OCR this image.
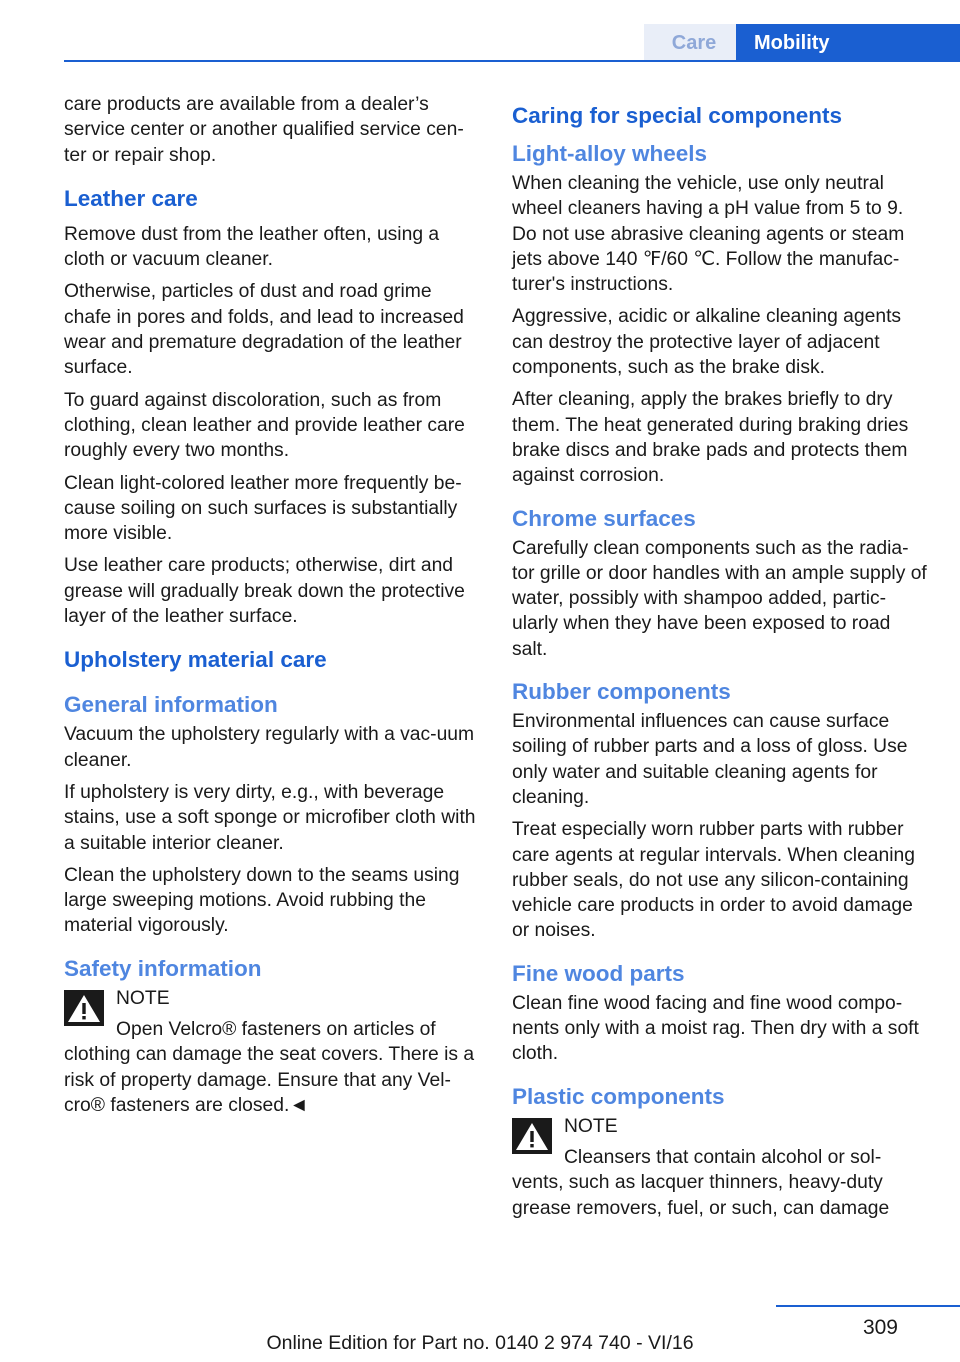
Care	Mobility

care products are available from a dealer’s service center or another qualified service cen-ter or repair shop.

Leather care

Remove dust from the leather often, using a cloth or vacuum cleaner.

Otherwise, particles of dust and road grime chafe in pores and folds, and lead to increased wear and premature degradation of the leather surface.

To guard against discoloration, such as from clothing, clean leather and provide leather care roughly every two months.

Clean light-colored leather more frequently be-cause soiling on such surfaces is substantially more visible.

Use leather care products; otherwise, dirt and grease will gradually break down the protective layer of the leather surface.

Upholstery material care
General information

Vacuum the upholstery regularly with a vac-uum cleaner.

If upholstery is very dirty, e.g., with beverage stains, use a soft sponge or microfiber cloth with a suitable interior cleaner.

Clean the upholstery down to the seams using large sweeping motions. Avoid rubbing the material vigorously.

Safety information

NOTE

Open Velcro® fasteners on articles of clothing can damage the seat covers. There is a risk of property damage. Ensure that any Vel-cro® fasteners are closed.◄

Caring for special components
Light-alloy wheels

When cleaning the vehicle, use only neutral wheel cleaners having a pH value from 5 to 9. Do not use abrasive cleaning agents or steam jets above 140 ℉/60 ℃. Follow the manufac-turer's instructions.

Aggressive, acidic or alkaline cleaning agents can destroy the protective layer of adjacent components, such as the brake disk.

After cleaning, apply the brakes briefly to dry them. The heat generated during braking dries brake discs and brake pads and protects them against corrosion.

Chrome surfaces

Carefully clean components such as the radia-tor grille or door handles with an ample supply of water, possibly with shampoo added, partic-ularly when they have been exposed to road salt.

Rubber components

Environmental influences can cause surface soiling of rubber parts and a loss of gloss. Use only water and suitable cleaning agents for cleaning.

Treat especially worn rubber parts with rubber care agents at regular intervals. When cleaning rubber seals, do not use any silicon-containing vehicle care products in order to avoid damage or noises.

Fine wood parts

Clean fine wood facing and fine wood compo-nents only with a moist rag. Then dry with a soft cloth.

Plastic components

NOTE

Cleansers that contain alcohol or sol-vents, such as lacquer thinners, heavy-duty grease removers, fuel, or such, can damage

309
Online Edition for Part no. 0140 2 974 740 - VI/16
